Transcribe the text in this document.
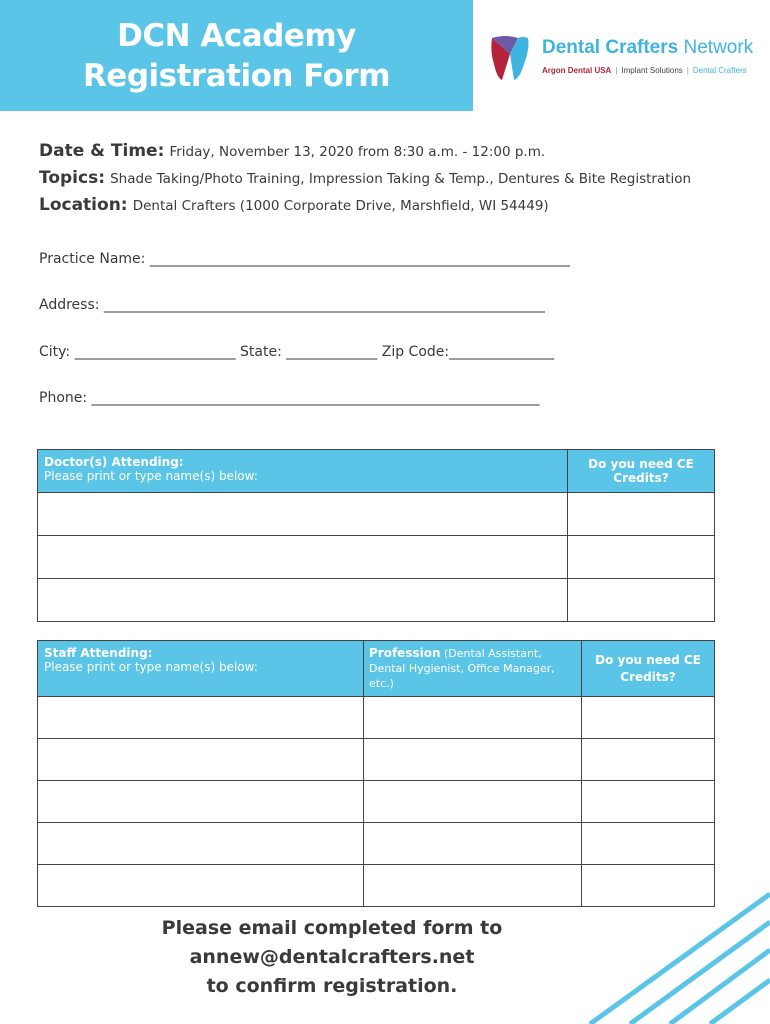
DCN Academy
Registration Form
Dental Crafters Network
Argon Dental USA | Implant Solutions | Dental Crafters
Date & Time: Friday, November 13, 2020 from 8:30 a.m. - 12:00 p.m.
Topics: Shade Taking/Photo Training, Impression Taking & Temp., Dentures & Bite Registration
Location: Dental Crafters (1000 Corporate Drive, Marshfield, WI 54449)
Practice Name: ____________________________________________________________
Address: _______________________________________________________________
City: _______________________ State: _____________ Zip Code:_______________
Phone: ________________________________________________________________
Doctor(s) Attending:
Please print or type name(s) below:	Do you need CE Credits?

Staff Attending:
Please print or type name(s) below:	Profession (Dental Assistant, Dental Hygienist, Office Manager, etc.)	Do you need CE Credits?

Please email completed form to
annew@dentalcrafters.net
to confirm registration.
